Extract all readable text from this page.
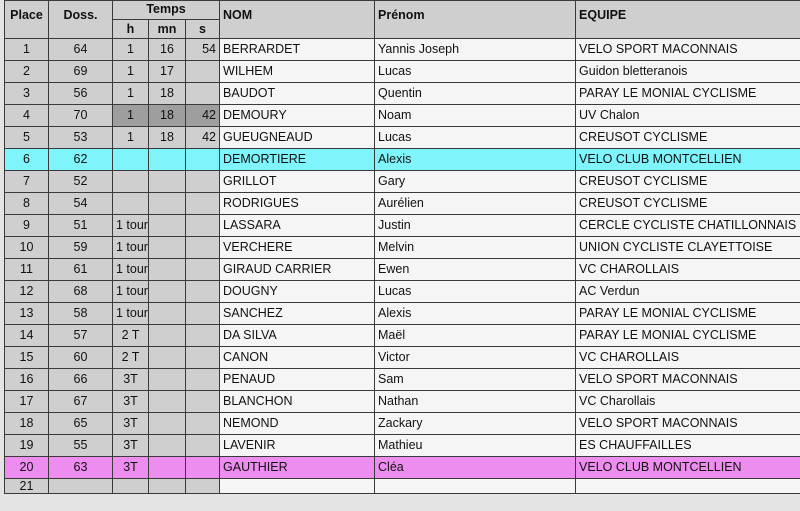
Place	Doss.	Temps			NOM	Prénom	EQUIPE
		h	mn	s			
1	64	1	16	54	BERRARDET	Yannis Joseph	VELO SPORT MACONNAIS
2	69	1	17		WILHEM	Lucas	Guidon bletteranois
3	56	1	18		BAUDOT	Quentin	PARAY LE MONIAL CYCLISME
4	70	1	18	42	DEMOURY	Noam	UV Chalon
5	53	1	18	42	GUEUGNEAUD	Lucas	CREUSOT CYCLISME
6	62				DEMORTIERE	Alexis	VELO CLUB MONTCELLIEN
7	52				GRILLOT	Gary	CREUSOT CYCLISME
8	54				RODRIGUES	Aurélien	CREUSOT CYCLISME
9	51	1 tour			LASSARA	Justin	CERCLE CYCLISTE CHATILLONNAIS
10	59	1 tour			VERCHERE	Melvin	UNION CYCLISTE CLAYETTOISE
11	61	1 tour			GIRAUD CARRIER	Ewen	VC CHAROLLAIS
12	68	1 tour			DOUGNY	Lucas	AC Verdun
13	58	1 tour			SANCHEZ	Alexis	PARAY LE MONIAL CYCLISME
14	57	2 T			DA SILVA	Maël	PARAY LE MONIAL CYCLISME
15	60	2 T			CANON	Victor	VC CHAROLLAIS
16	66	3T			PENAUD	Sam	VELO SPORT MACONNAIS
17	67	3T			BLANCHON	Nathan	VC Charollais
18	65	3T			NEMOND	Zackary	VELO SPORT MACONNAIS
19	55	3T			LAVENIR	Mathieu	ES CHAUFFAILLES
20	63	3T			GAUTHIER	Cléa	VELO CLUB MONTCELLIEN
21							
